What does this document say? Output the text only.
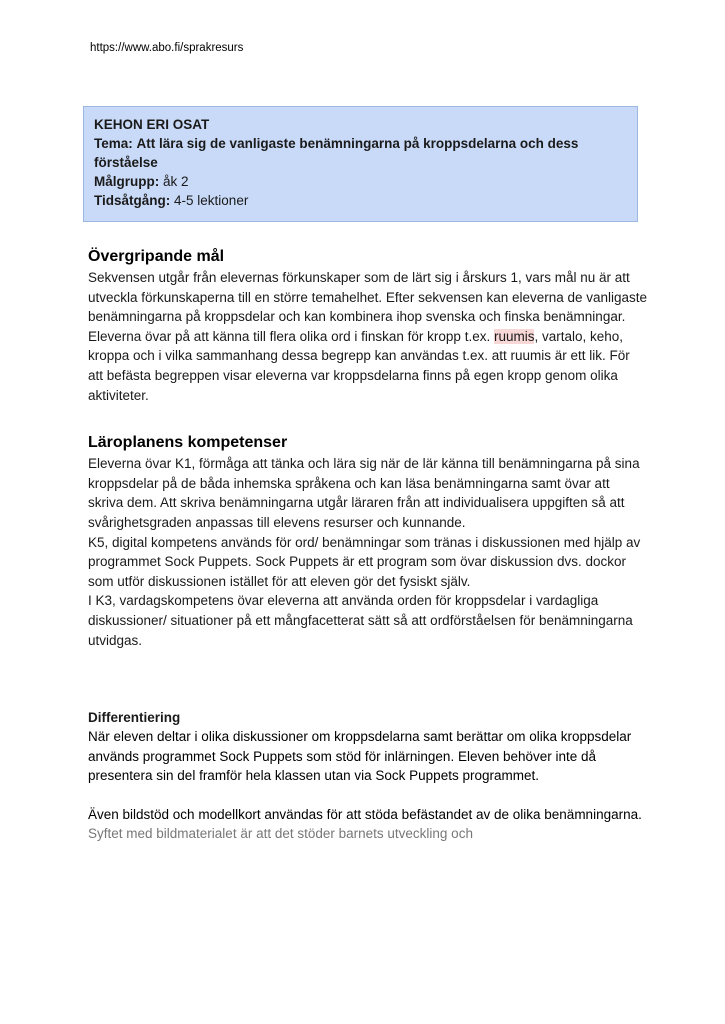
https://www.abo.fi/sprakresurs
KEHON ERI OSAT
Tema: Att lära sig de vanligaste benämningarna på kroppsdelarna och dess förståelse
Målgrupp: åk 2
Tidsåtgång: 4-5 lektioner
Övergripande mål

Sekvensen utgår från elevernas förkunskaper som de lärt sig i årskurs 1, vars mål nu är att utveckla förkunskaperna till en större temahelhet. Efter sekvensen kan eleverna de vanligaste benämningarna på kroppsdelar och kan kombinera ihop svenska och finska benämningar.

Eleverna övar på att känna till flera olika ord i finskan för kropp t.ex. ruumis, vartalo, keho, kroppa och i vilka sammanhang dessa begrepp kan användas t.ex. att ruumis är ett lik. För att befästa begreppen visar eleverna var kroppsdelarna finns på egen kropp genom olika aktiviteter.

Läroplanens kompetenser

Eleverna övar K1, förmåga att tänka och lära sig när de lär känna till benämningarna på sina kroppsdelar på de båda inhemska språkena och kan läsa benämningarna samt övar att skriva dem. Att skriva benämningarna utgår läraren från att individualisera uppgiften så att svårighetsgraden anpassas till elevens resurser och kunnande.

K5, digital kompetens används för ord/ benämningar som tränas i diskussionen med hjälp av programmet Sock Puppets. Sock Puppets är ett program som övar diskussion dvs. dockor som utför diskussionen istället för att eleven gör det fysiskt själv.

I K3, vardagskompetens övar eleverna att använda orden för kroppsdelar i vardagliga diskussioner/ situationer på ett mångfacetterat sätt så att ordförståelsen för benämningarna utvidgas.

Differentiering

När eleven deltar i olika diskussioner om kroppsdelarna samt berättar om olika kroppsdelar används programmet Sock Puppets som stöd för inlärningen. Eleven behöver inte då presentera sin del framför hela klassen utan via Sock Puppets programmet.

Även bildstöd och modellkort användas för att stöda befästandet av de olika benämningarna. Syftet med bildmaterialet är att det stöder barnets utveckling och
